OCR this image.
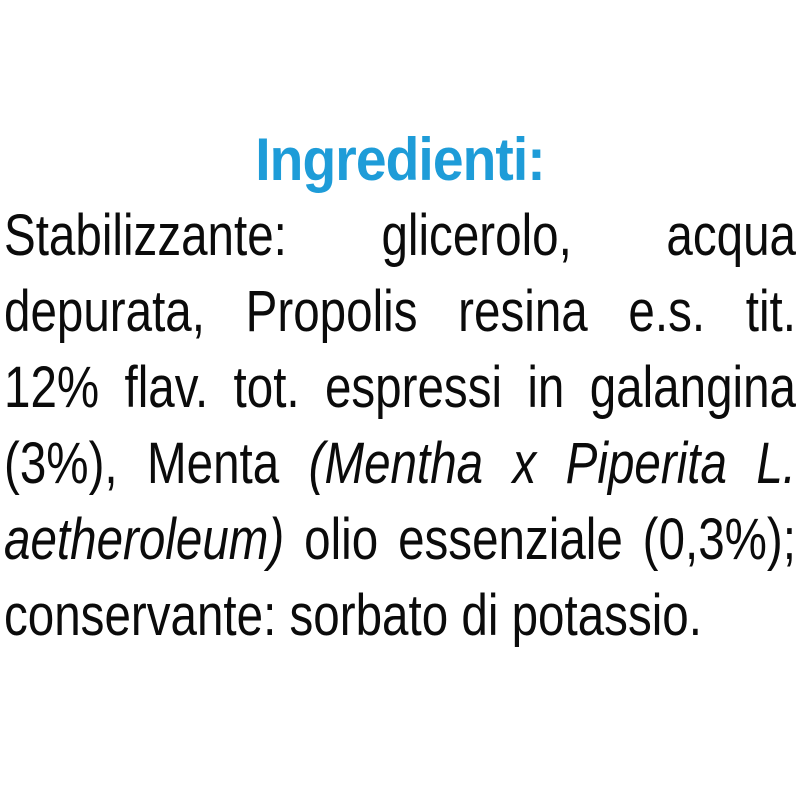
Ingredienti:
Stabilizzante: glicerolo, acqua
depurata, Propolis resina e.s. tit.
12% flav. tot. espressi in galangina
(3%), Menta (Mentha x Piperita L.
aetheroleum) olio essenziale (0,3%);
conservante: sorbato di potassio.
